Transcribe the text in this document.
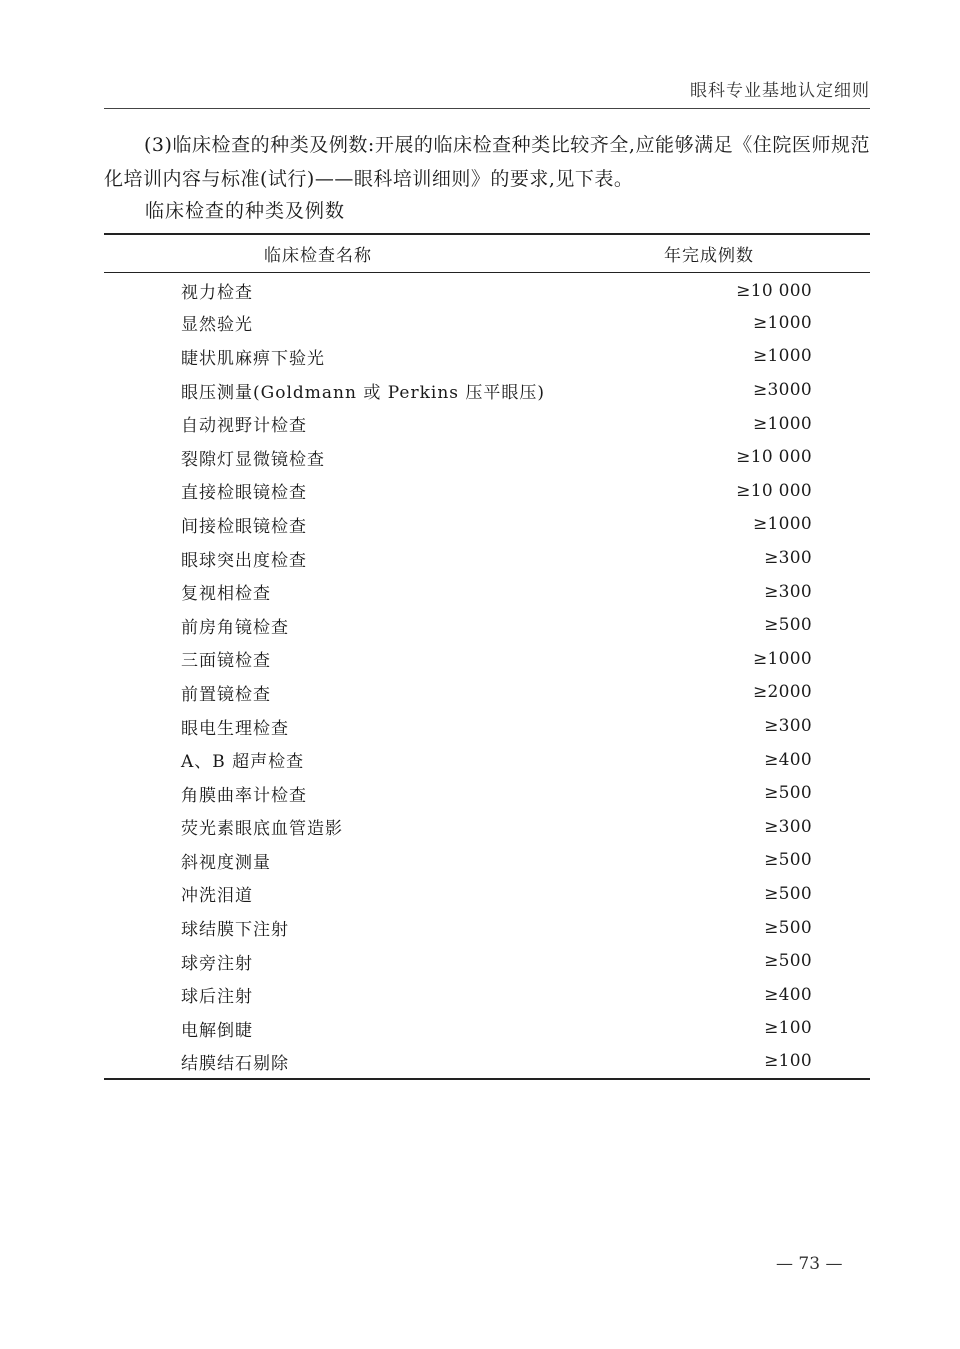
眼科专业基地认定细则

(3)临床检查的种类及例数:开展的临床检查种类比较齐全,应能够满足《住院医师规范化培训内容与标准(试行)——眼科培训细则》的要求,见下表。

临床检查的种类及例数

临床检查名称	年完成例数
视力检查	≥10 000
显然验光	≥1000
睫状肌麻痹下验光	≥1000
眼压测量(Goldmann 或 Perkins 压平眼压)	≥3000
自动视野计检查	≥1000
裂隙灯显微镜检查	≥10 000
直接检眼镜检查	≥10 000
间接检眼镜检查	≥1000
眼球突出度检查	≥300
复视相检查	≥300
前房角镜检查	≥500
三面镜检查	≥1000
前置镜检查	≥2000
眼电生理检查	≥300
A、B 超声检查	≥400
角膜曲率计检查	≥500
荧光素眼底血管造影	≥300
斜视度测量	≥500
冲洗泪道	≥500
球结膜下注射	≥500
球旁注射	≥500
球后注射	≥400
电解倒睫	≥100
结膜结石剔除	≥100
— 73 —
